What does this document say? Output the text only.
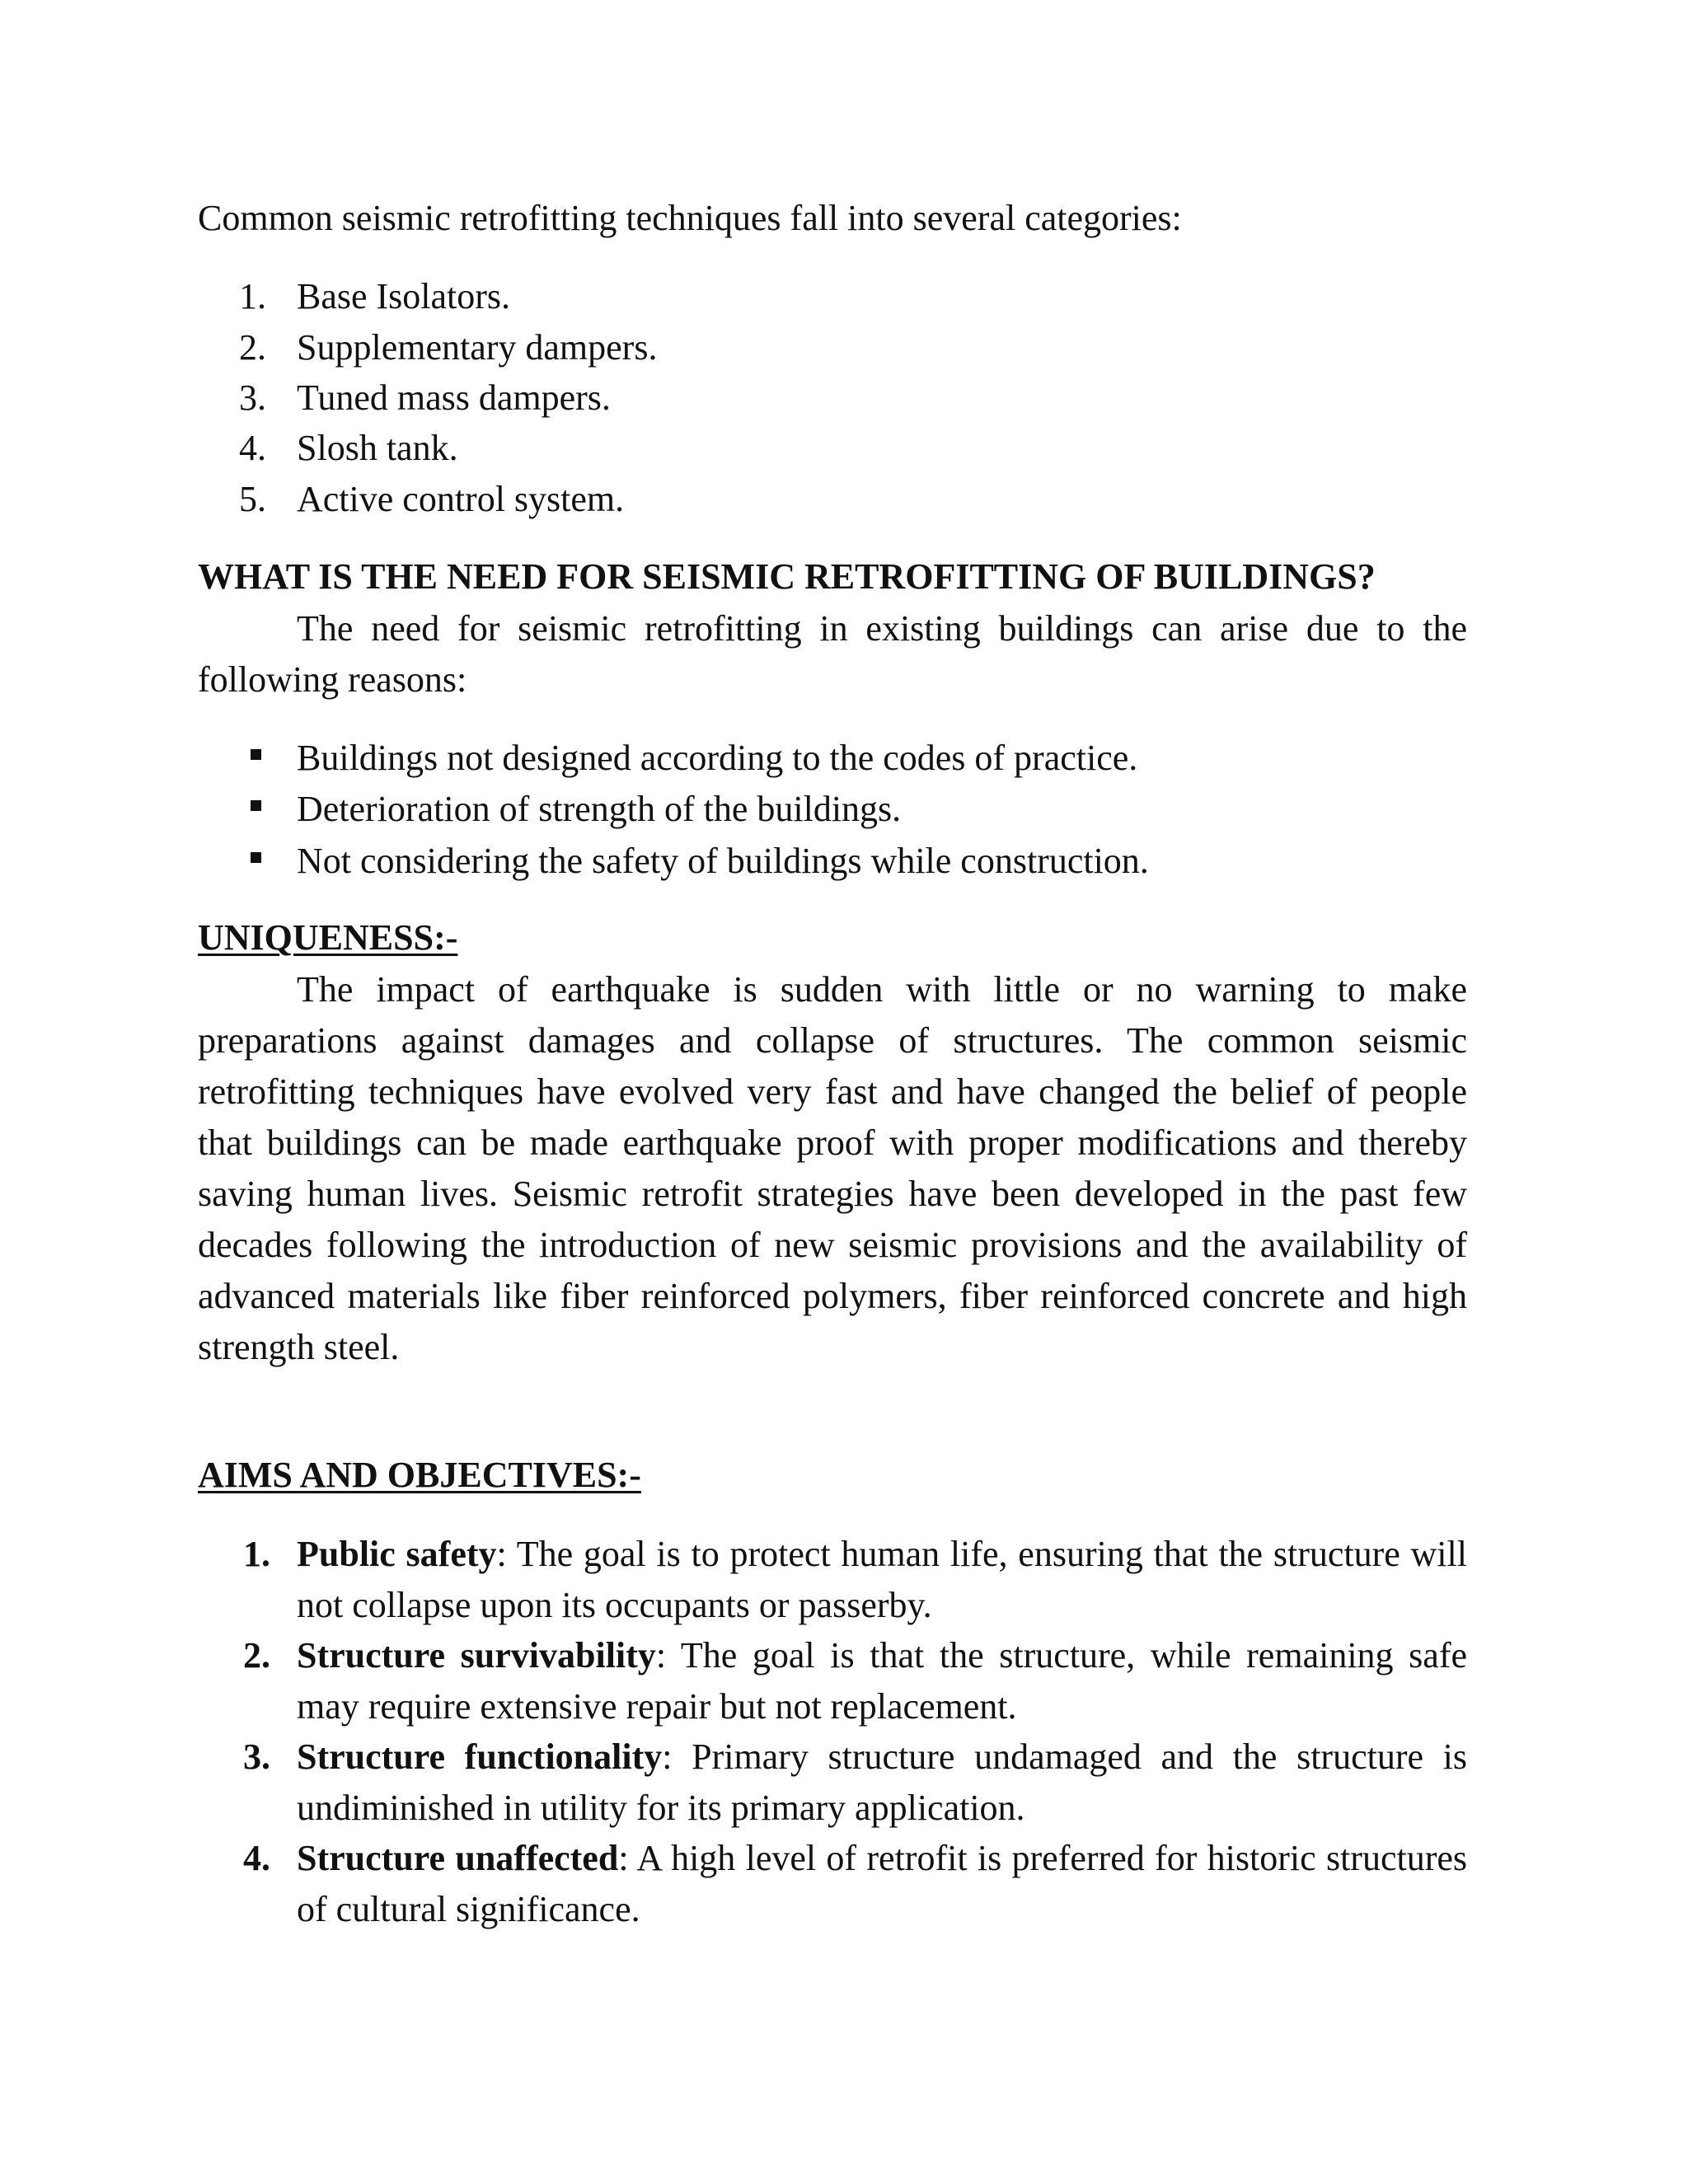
Common seismic retrofitting techniques fall into several categories:
1. Base Isolators.
2. Supplementary dampers.
3. Tuned mass dampers.
4. Slosh tank.
5. Active control system.
WHAT IS THE NEED FOR SEISMIC RETROFITTING OF BUILDINGS?
The need for seismic retrofitting in existing buildings can arise due to the following reasons:
Buildings not designed according to the codes of practice.
Deterioration of strength of the buildings.
Not considering the safety of buildings while construction.
UNIQUENESS:-
The impact of earthquake is sudden with little or no warning to make preparations against damages and collapse of structures. The common seismic retrofitting techniques have evolved very fast and have changed the belief of people that buildings can be made earthquake proof with proper modifications and thereby saving human lives. Seismic retrofit strategies have been developed in the past few decades following the introduction of new seismic provisions and the availability of advanced materials like fiber reinforced polymers, fiber reinforced concrete and high strength steel.
AIMS AND OBJECTIVES:-
1. Public safety: The goal is to protect human life, ensuring that the structure will not collapse upon its occupants or passerby.
2. Structure survivability: The goal is that the structure, while remaining safe may require extensive repair but not replacement.
3. Structure functionality: Primary structure undamaged and the structure is undiminished in utility for its primary application.
4. Structure unaffected: A high level of retrofit is preferred for historic structures of cultural significance.
